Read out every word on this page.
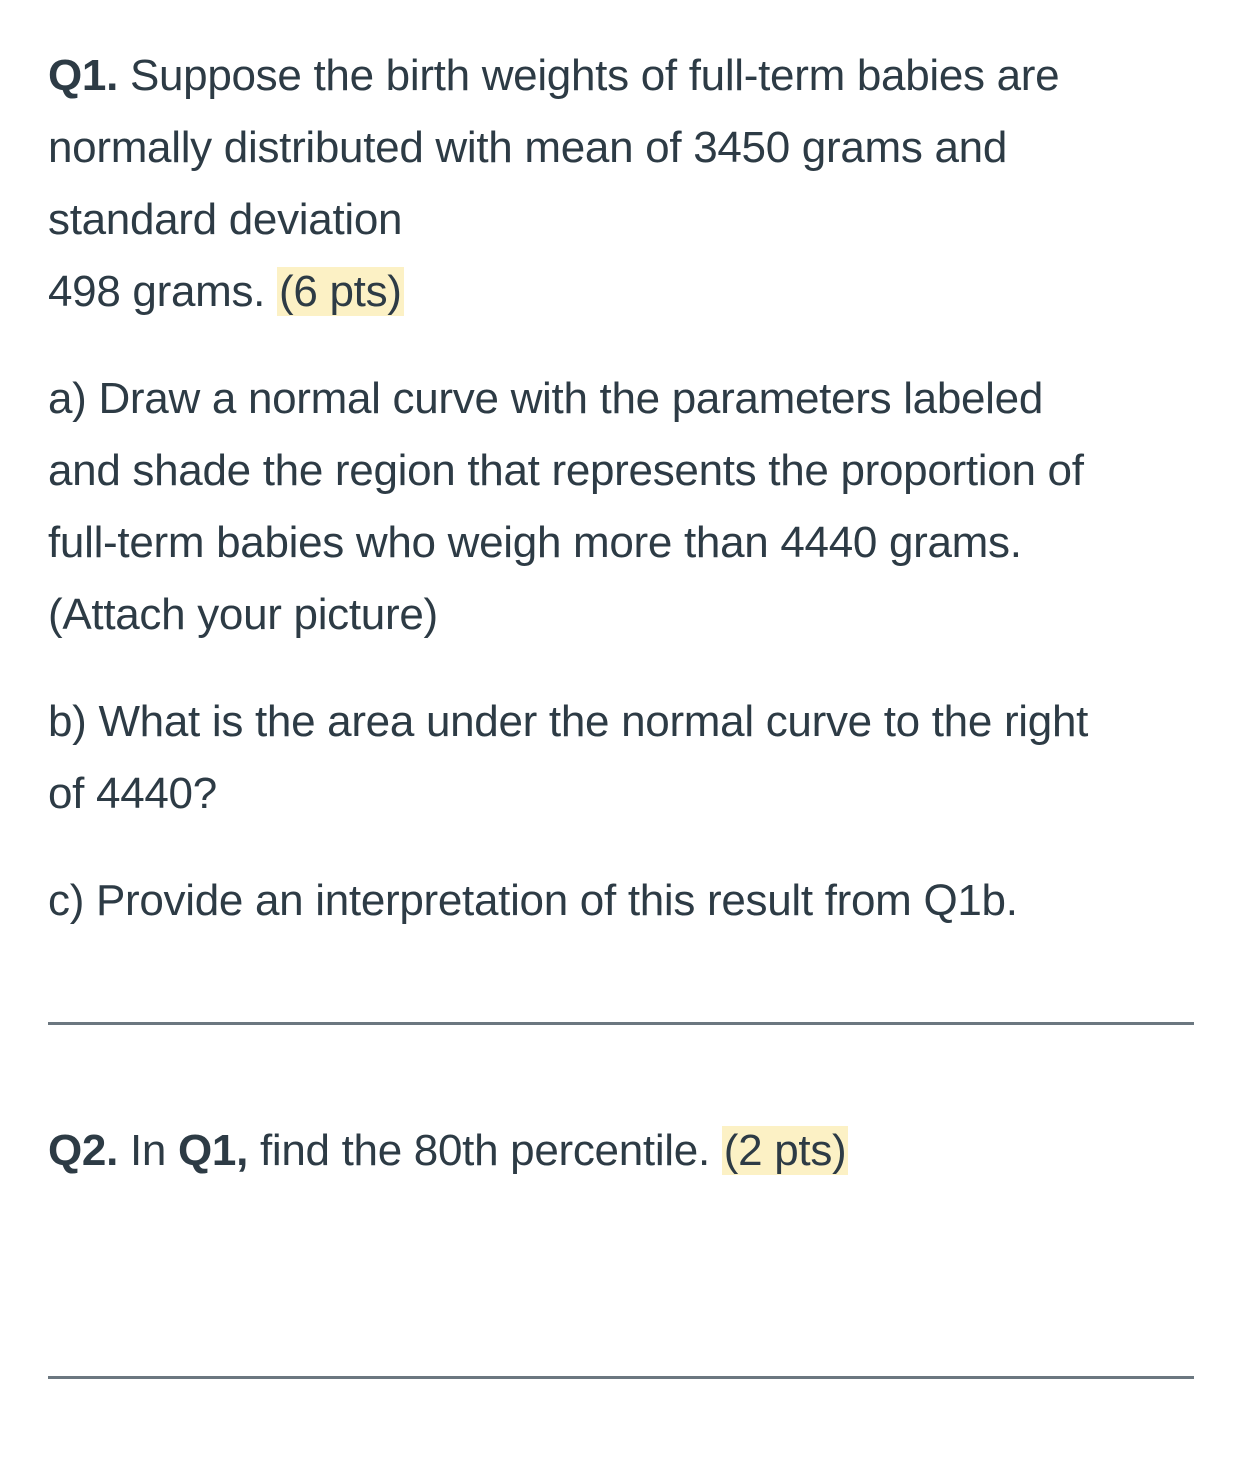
Q1. Suppose the birth weights of full-term babies are
normally distributed with mean of 3450 grams and
standard deviation
498 grams. (6 pts)
a) Draw a normal curve with the parameters labeled
and shade the region that represents the proportion of
full-term babies who weigh more than 4440 grams.
(Attach your picture)
b) What is the area under the normal curve to the right
of 4440?
c) Provide an interpretation of this result from Q1b.
Q2. In Q1, find the 80th percentile. (2 pts)
